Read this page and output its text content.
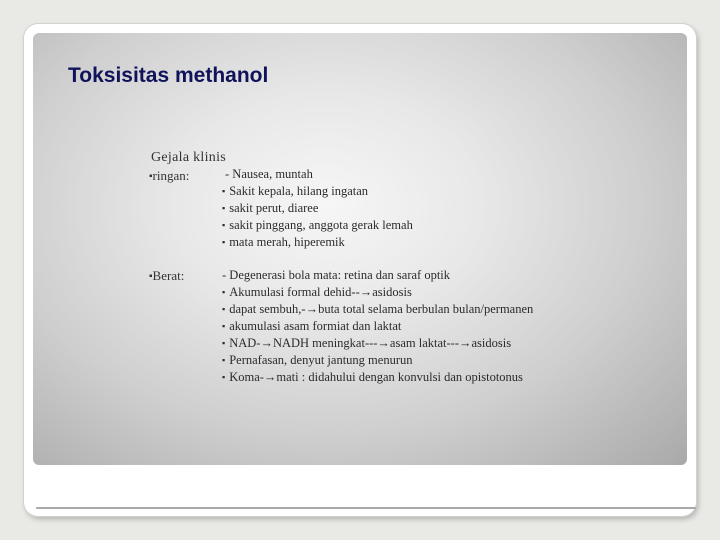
Toksisitas methanol
Gejala klinis
▪ringan:	- Nausea, muntah
▪ Sakit kepala, hilang ingatan
▪ sakit perut, diaree
▪ sakit pinggang, anggota gerak lemah
▪ mata merah, hiperemik
▪Berat:	- Degenerasi bola mata: retina dan saraf optik
▪ Akumulasi formal dehid--→asidosis
▪ dapat sembuh,-→buta total selama berbulan bulan/permanen
▪ akumulasi asam formiat dan laktat
▪ NAD-→NADH meningkat---→asam laktat---→asidosis
▪ Pernafasan, denyut jantung menurun
▪ Koma-→mati : didahului dengan konvulsi dan opistotonus
